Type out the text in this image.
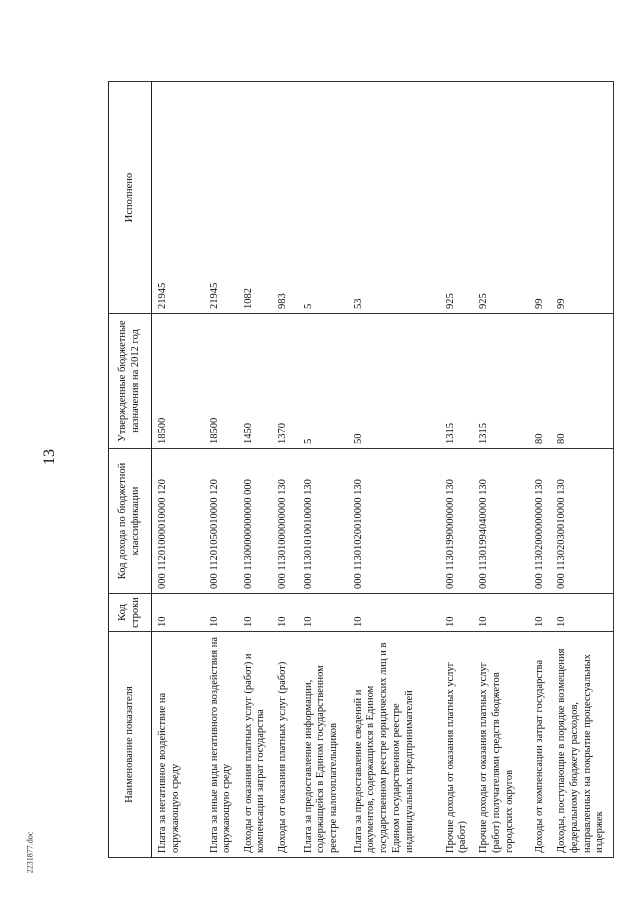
13
2231877.doc
Наименование показателя	Код строки	Код дохода по бюджетной классификации	Утвержденные бюджетные назначения на 2012 год	Исполнено
Плата за негативное воздействие на окружающую среду	10	000 11201000010000 120	18500	21945
Плата за иные виды негативного воздействия на окружающую среду	10	000 11201050010000 120	18500	21945
Доходы от оказания платных услуг (работ) и компенсации затрат государства	10	000 11300000000000 000	1450	1082
Доходы от оказания платных услуг (работ)	10	000 11301000000000 130	1370	983
Плата за предоставление информации, содержащейся в Едином государственном реестре налогоплательщиков	10	000 11301010010000 130	5	5
Плата за предоставление сведений и документов, содержащихся в Едином государственном реестре юридических лиц и в Едином государственном реестре индивидуальных предпринимателей	10	000 11301020010000 130	50	53
Прочие доходы от оказания платных услуг (работ)	10	000 11301990000000 130	1315	925
Прочие доходы от оказания платных услуг (работ) получателями средств бюджетов городских округов	10	000 11301994040000 130	1315	925
Доходы от компенсации затрат государства	10	000 11302000000000 130	80	99
Доходы, поступающие в порядке возмещения федеральному бюджету расходов, направленных на покрытие процессуальных издержек	10	000 11302030010000 130	80	99
